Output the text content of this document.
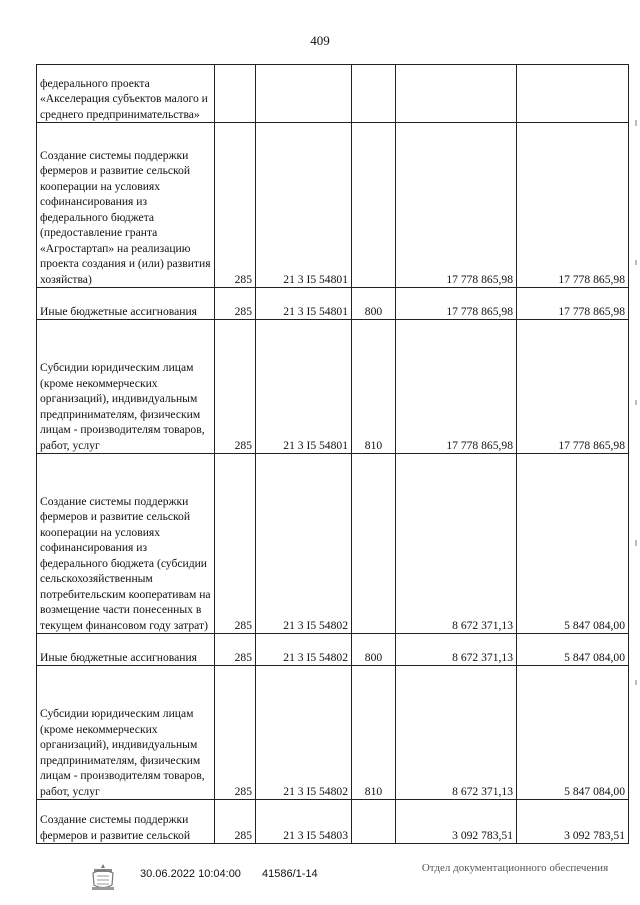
409
федерального проекта «Акселерация субъектов малого и среднего предпринимательства»					
Создание системы поддержки фермеров и развитие сельской кооперации на условиях софинансирования из федерального бюджета (предоставление гранта «Агростартап» на реализацию проекта создания и (или) развития хозяйства)	285	21 3 I5 54801		17 778 865,98	17 778 865,98
Иные бюджетные ассигнования	285	21 3 I5 54801	800	17 778 865,98	17 778 865,98
Субсидии юридическим лицам (кроме некоммерческих организаций), индивидуальным предпринимателям, физическим лицам - производителям товаров, работ, услуг	285	21 3 I5 54801	810	17 778 865,98	17 778 865,98
Создание системы поддержки фермеров и развитие сельской кооперации на условиях софинансирования из федерального бюджета (субсидии сельскохозяйственным потребительским кооперативам на возмещение части понесенных в текущем финансовом году затрат)	285	21 3 I5 54802		8 672 371,13	5 847 084,00
Иные бюджетные ассигнования	285	21 3 I5 54802	800	8 672 371,13	5 847 084,00
Субсидии юридическим лицам (кроме некоммерческих организаций), индивидуальным предпринимателям, физическим лицам - производителям товаров, работ, услуг	285	21 3 I5 54802	810	8 672 371,13	5 847 084,00
Создание системы поддержки фермеров и развитие сельской	285	21 3 I5 54803		3 092 783,51	3 092 783,51
30.06.2022 10:04:00 41586/1-14	Отдел документационного обеспечения
